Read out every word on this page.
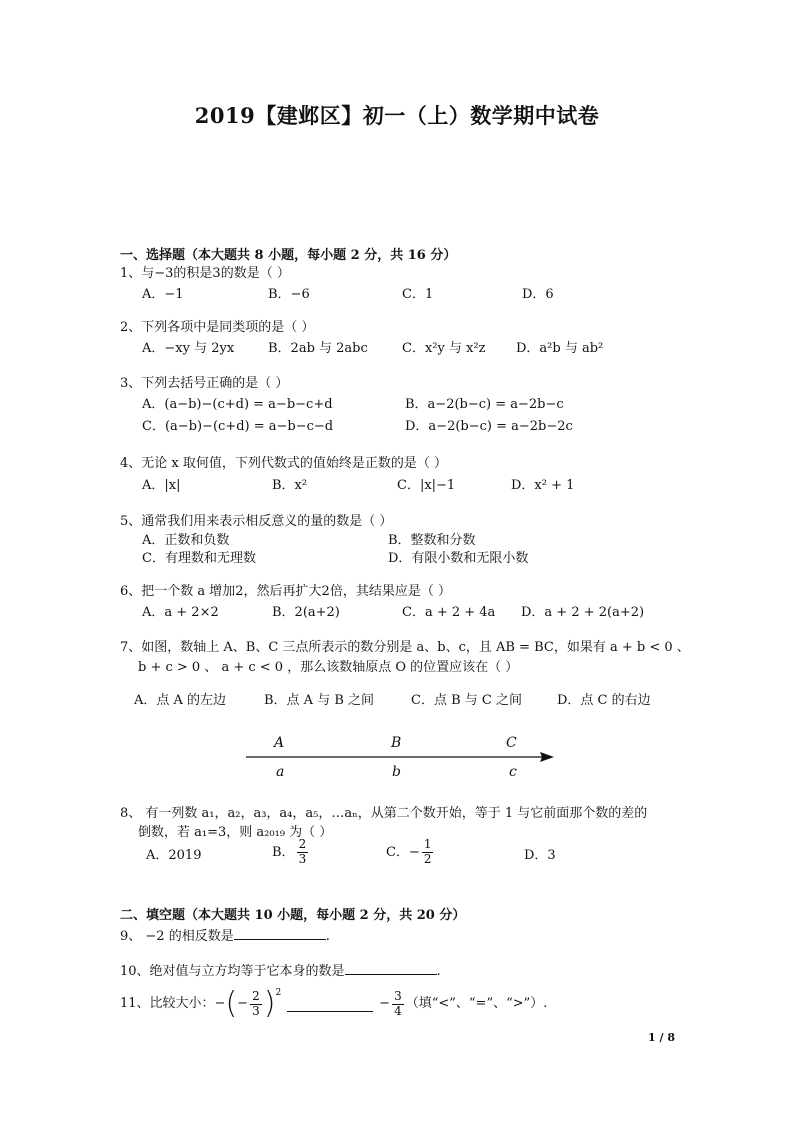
2019【建邺区】初一（上）数学期中试卷
一、选择题（本大题共 8 小题，每小题 2 分，共 16 分）
1、与−3的积是3的数是（ ）
A．−1	B．−6	C．1	D．6
2、下列各项中是同类项的是（ ）
A．−xy 与 2yx	B．2ab 与 2abc	C．x²y 与 x²z D．a²b 与 ab²
3、下列去括号正确的是（ ）
A．(a−b)−(c+d) = a−b−c+d	B．a−2(b−c) = a−2b−c
C．(a−b)−(c+d) = a−b−c−d	D．a−2(b−c) = a−2b−2c
4、无论 x 取何值，下列代数式的值始终是正数的是（ ）
A．|x|	B．x²	C．|x|−1	D．x² + 1
5、通常我们用来表示相反意义的量的数是（ ）
A．正数和负数	B．整数和分数
C．有理数和无理数	D．有限小数和无限小数
6、把一个数 a 增加2，然后再扩大2倍，其结果应是（ ）
A．a + 2×2	B．2(a+2)	C．a + 2 + 4a D．a + 2 + 2(a+2)
7、如图，数轴上 A、B、C 三点所表示的数分别是 a、b、c，且 AB = BC，如果有 a + b < 0 、
b + c > 0 、 a + c < 0 ，那么该数轴原点 O 的位置应该在（ ）
A．点 A 的左边	B．点 A 与 B 之间	C．点 B 与 C 之间	D．点 C 的右边
A	B	C
a	b	c
8、 有一列数 a₁，a₂，a₃，a₄，a₅，…aₙ，从第二个数开始，等于 1 与它前面那个数的差的
倒数，若 a₁=3，则 a₂₀₁₉ 为（ ）
A．2019	B． $\frac{2}{3}$	C．− $\frac{1}{2}$	D．3
二、填空题（本大题共 10 小题，每小题 2 分，共 20 分）
9、 −2 的相反数是	.
10、绝对值与立方均等于它本身的数是	.
11、比较大小： − ( − $\frac{2}{3} )^2$
− $\frac{3}{4}$ （填“<”、“=”、“>”）.
1 / 8
